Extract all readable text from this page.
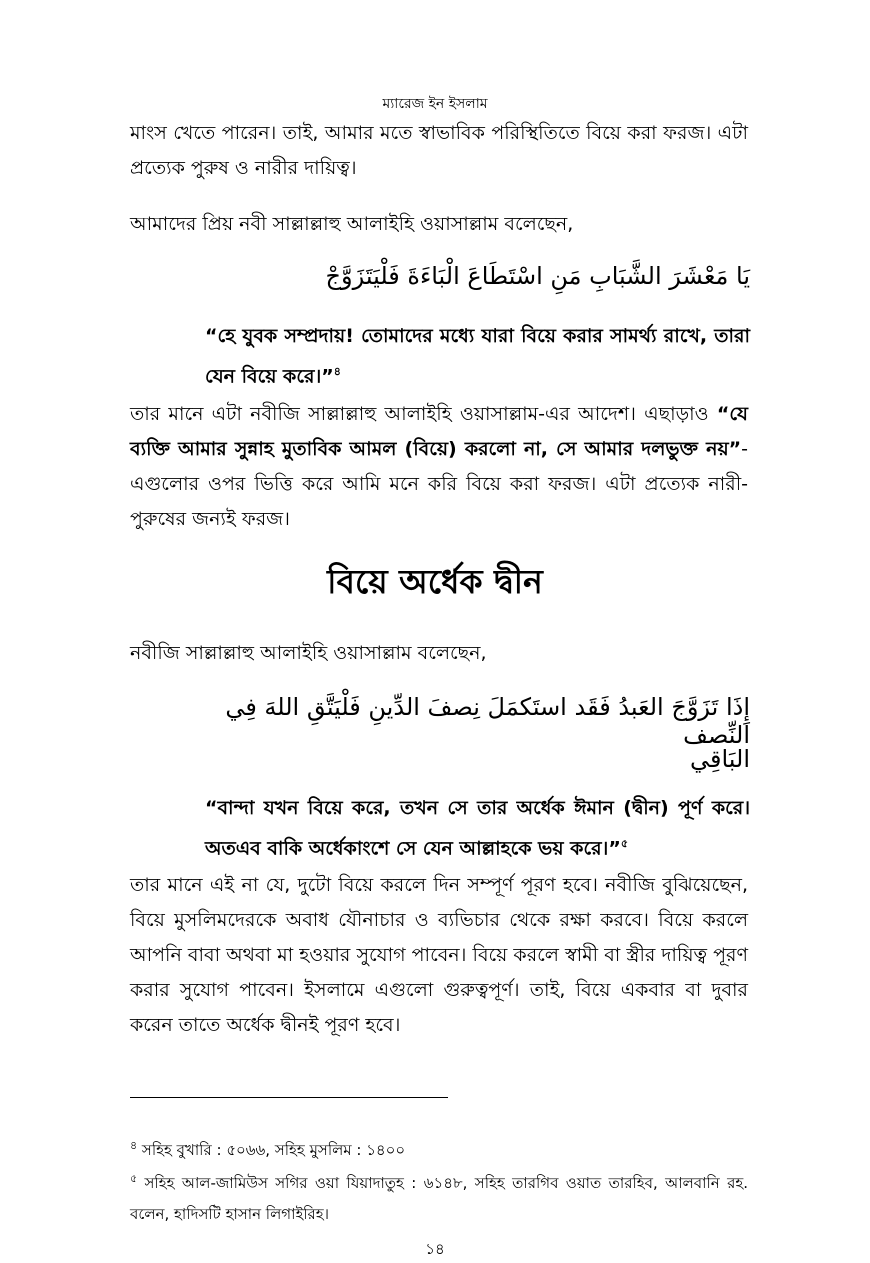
ম্যারেজ ইন ইসলাম

মাংস খেতে পারেন। তাই, আমার মতে স্বাভাবিক পরিস্থিতিতে বিয়ে করা ফরজ। এটা প্রত্যেক পুরুষ ও নারীর দায়িত্ব।

আমাদের প্রিয় নবী সাল্লাল্লাহু আলাইহি ওয়াসাল্লাম বলেছেন,

يَا مَعْشَرَ الشَّبَابِ مَنِ اسْتَطَاعَ الْبَاءَةَ فَلْيَتَزَوَّجْ
“হে যুবক সম্প্রদায়! তোমাদের মধ্যে যারা বিয়ে করার সামর্থ্য রাখে, তারা যেন বিয়ে করে।”$^৪$

তার মানে এটা নবীজি সাল্লাল্লাহু আলাইহি ওয়াসাল্লাম-এর আদেশ। এছাড়াও “যে ব্যক্তি আমার সুন্নাহ মুতাবিক আমল (বিয়ে) করলো না, সে আমার দলভুক্ত নয়”- এগুলোর ওপর ভিত্তি করে আমি মনে করি বিয়ে করা ফরজ। এটা প্রত্যেক নারী-পুরুষের জন্যই ফরজ।

বিয়ে অর্ধেক দ্বীন

নবীজি সাল্লাল্লাহু আলাইহি ওয়াসাল্লাম বলেছেন,

إِذَا تَزَوَّجَ العَبدُ فَقَد استَكمَلَ نِصفَ الدِّينِ فَلْيَتَّقِ اللهَ فِي النِّصف
البَاقِي
“বান্দা যখন বিয়ে করে, তখন সে তার অর্ধেক ঈমান (দ্বীন) পূর্ণ করে। অতএব বাকি অর্ধেকাংশে সে যেন আল্লাহকে ভয় করে।”$^৫$

তার মানে এই না যে, দুটো বিয়ে করলে দিন সম্পূর্ণ পূরণ হবে। নবীজি বুঝিয়েছেন, বিয়ে মুসলিমদেরকে অবাধ যৌনাচার ও ব্যভিচার থেকে রক্ষা করবে। বিয়ে করলে আপনি বাবা অথবা মা হওয়ার সুযোগ পাবেন। বিয়ে করলে স্বামী বা স্ত্রীর দায়িত্ব পূরণ করার সুযোগ পাবেন। ইসলামে এগুলো গুরুত্বপূর্ণ। তাই, বিয়ে একবার বা দুবার করেন তাতে অর্ধেক দ্বীনই পূরণ হবে।

$^৪$ সহিহ বুখারি : ৫০৬৬, সহিহ মুসলিম : ১৪০০
$^৫$ সহিহ আল-জামিউস সগির ওয়া যিয়াদাতুহ : ৬১৪৮, সহিহ তারগিব ওয়াত তারহিব, আলবানি রহ. বলেন, হাদিসটি হাসান লিগাইরিহ।
১৪
